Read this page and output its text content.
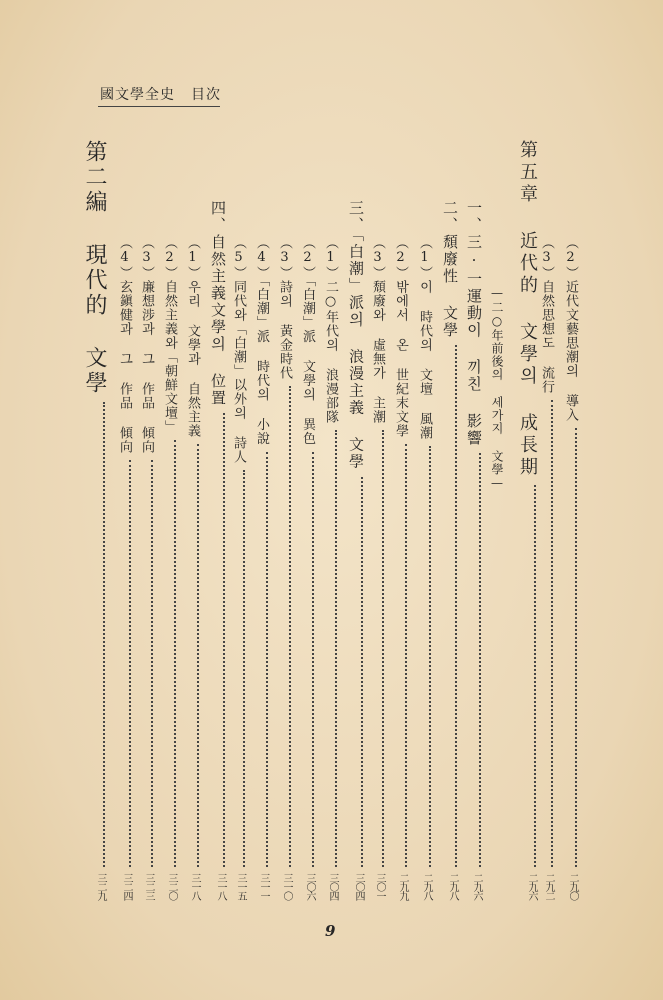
國文學全史 目次
（2）近代文藝思潮의 導入
二九〇
（3）自然思想도 流行
二九二
第五章 近代的 文學의 成長期
二九六
—二○年前後의 세가지 文學—
一、三·一運動이 끼친 影響
二九六
二、頹廢性 文學
二九八
（1）이 時代의 文壇 風潮
二九八
（2）밖에서 온 世紀末文學
二九九
（3）頹廢와 虛無가 主潮
三〇一
三、「白潮」派의 浪漫主義 文學
三〇四
（1）二○年代의 浪漫部隊
三〇四
（2）「白潮」派 文學의 異色
三〇六
（3）詩의 黃金時代
三一〇
（4）「白潮」派 時代의 小說
三一一
（5）同代와「白潮」以外의 詩人
三一五
四、自然主義文學의 位置
三一八
（1）우리 文學과 自然主義
三一八
（2）自然主義와「朝鮮文壇」
三二〇
（3）廉想涉과 그 作品 傾向
三二三
（4）玄鎭健과 그 作品 傾向
三二四
第二編 現代的 文學
三二九
9
